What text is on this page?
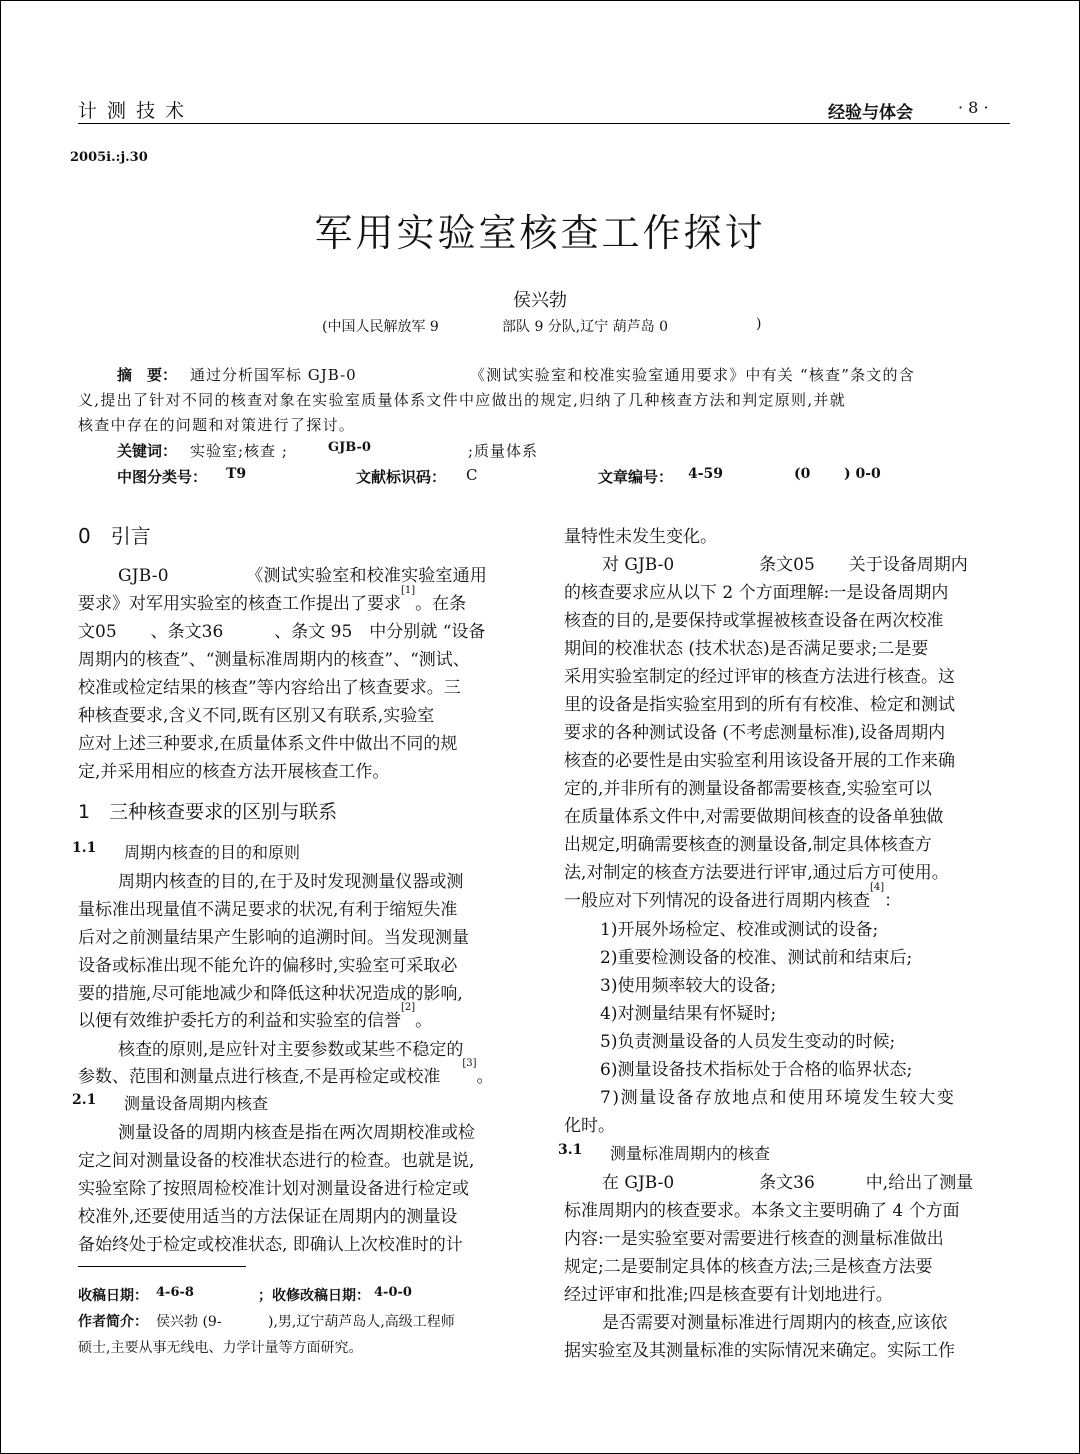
计 测 技 术	经验与体会	· 8 ·
2005i.:j.30
军用实验室核查工作探讨
侯兴勃
(中国人民解放军 9	部队 9 分队,辽宁 葫芦岛 0	)
摘　要： 通过分析国军标 GJB-0	《测试实验室和校准实验室通用要求》中有关 “核查”条文的含
义,提出了针对不同的核查对象在实验室质量体系文件中应做出的规定,归纳了几种核查方法和判定原则,并就
核查中存在的问题和对策进行了探讨。
关键词： 实验室;核查 ;	GJB-0	;质量体系
中图分类号： T9	文献标识码： C	文章编号： 4-59	(0 ) 0-0
0　引言
GJB-0　　　　　《测试实验室和校准实验室通用
要求》对军用实验室的核查工作提出了要求[1]。在条
文05　　、条文36　　　、条文 95　中分别就 “设备
周期内的核查”、“测量标准周期内的核查”、“测试、
校准或检定结果的核查”等内容给出了核查要求。三
种核查要求,含义不同,既有区别又有联系,实验室
应对上述三种要求,在质量体系文件中做出不同的规
定,并采用相应的核查方法开展核查工作。
1　三种核查要求的区别与联系
1.1 周期内核查的目的和原则
周期内核查的目的,在于及时发现测量仪器或测
量标准出现量值不满足要求的状况,有利于缩短失准
后对之前测量结果产生影响的追溯时间。当发现测量
设备或标准出现不能允许的偏移时,实验室可采取必
要的措施,尽可能地减少和降低这种状况造成的影响,
以便有效维护委托方的利益和实验室的信誉[2]。
核查的原则,是应针对主要参数或某些不稳定的
参数、范围和测量点进行核查,不是再检定或校准[3]。
2.1 测量设备周期内核查
测量设备的周期内核查是指在两次周期校准或检
定之间对测量设备的校准状态进行的检查。也就是说,
实验室除了按照周检校准计划对测量设备进行检定或
校准外,还要使用适当的方法保证在周期内的测量设
备始终处于检定或校准状态, 即确认上次校准时的计
收稿日期： 4-6-8	；收修改稿日期： 4-0-0
作者简介： 侯兴勃 (9-	),男,辽宁葫芦岛人,高级工程师
硕士,主要从事无线电、力学计量等方面研究。
量特性未发生变化。
对 GJB-0　　　　　条文05　　关于设备周期内
的核查要求应从以下 2 个方面理解:一是设备周期内
核查的目的,是要保持或掌握被核查设备在两次校准
期间的校准状态 (技术状态)是否满足要求;二是要
采用实验室制定的经过评审的核查方法进行核查。这
里的设备是指实验室用到的所有有校准、检定和测试
要求的各种测试设备 (不考虑测量标准),设备周期内
核查的必要性是由实验室利用该设备开展的工作来确
定的,并非所有的测量设备都需要核查,实验室可以
在质量体系文件中,对需要做期间核查的设备单独做
出规定,明确需要核查的测量设备,制定具体核查方
法,对制定的核查方法要进行评审,通过后方可使用。
一般应对下列情况的设备进行周期内核查[4]：
1)开展外场检定、校准或测试的设备;
2)重要检测设备的校准、测试前和结束后;
3)使用频率较大的设备;
4)对测量结果有怀疑时;
5)负责测量设备的人员发生变动的时候;
6)测量设备技术指标处于合格的临界状态;
7)测量设备存放地点和使用环境发生较大变
化时。
3.1 测量标准周期内的核查
在 GJB-0　　　　　条文36　　　中,给出了测量
标准周期内的核查要求。本条文主要明确了 4 个方面
内容:一是实验室要对需要进行核查的测量标准做出
规定;二是要制定具体的核查方法;三是核查方法要
经过评审和批准;四是核查要有计划地进行。
是否需要对测量标准进行周期内的核查,应该依
据实验室及其测量标准的实际情况来确定。实际工作
